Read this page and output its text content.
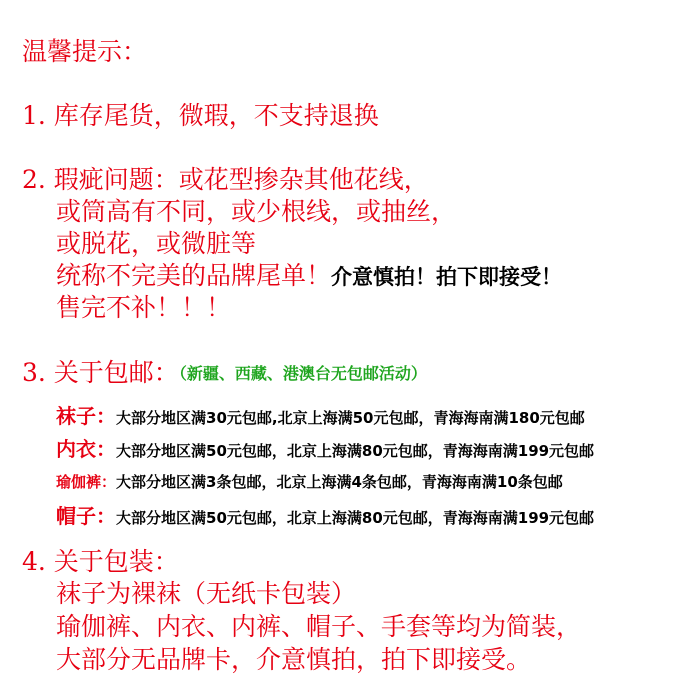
温馨提示：
1. 库存尾货，微瑕，不支持退换
2. 瑕疵问题：或花型掺杂其他花线，
或筒高有不同，或少根线，或抽丝，
或脱花，或微脏等
统称不完美的品牌尾单！介意慎拍！拍下即接受！
售完不补！！！
3. 关于包邮：（新疆、西藏、港澳台无包邮活动）
袜子：大部分地区满30元包邮,北京上海满50元包邮，青海海南满180元包邮
内衣：大部分地区满50元包邮，北京上海满80元包邮，青海海南满199元包邮
瑜伽裤：大部分地区满3条包邮，北京上海满4条包邮，青海海南满10条包邮
帽子：大部分地区满50元包邮，北京上海满80元包邮，青海海南满199元包邮
4. 关于包装：
袜子为裸袜（无纸卡包装）
瑜伽裤、内衣、内裤、帽子、手套等均为简装，
大部分无品牌卡，介意慎拍，拍下即接受。
